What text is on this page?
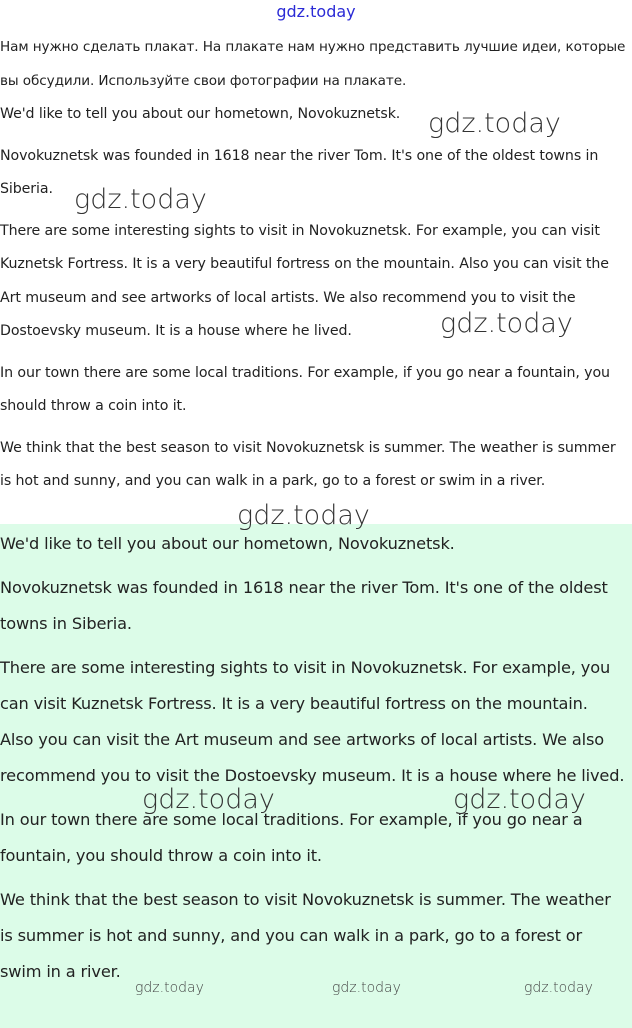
gdz.today

Нам нужно сделать плакат. На плакате нам нужно представить лучшие идеи, которые вы обсудили. Используйте свои фотографии на плакате.

We'd like to tell you about our hometown, Novokuznetsk.

Novokuznetsk was founded in 1618 near the river Tom. It's one of the oldest towns in Siberia.

There are some interesting sights to visit in Novokuznetsk. For example, you can visit Kuznetsk Fortress. It is a very beautiful fortress on the mountain. Also you can visit the Art museum and see artworks of local artists. We also recommend you to visit the Dostoevsky museum. It is a house where he lived.

In our town there are some local traditions. For example, if you go near a fountain, you should throw a coin into it.

We think that the best season to visit Novokuznetsk is summer. The weather is summer is hot and sunny, and you can walk in a park, go to a forest or swim in a river.

We'd like to tell you about our hometown, Novokuznetsk.

Novokuznetsk was founded in 1618 near the river Tom. It's one of the oldest towns in Siberia.

There are some interesting sights to visit in Novokuznetsk. For example, you can visit Kuznetsk Fortress. It is a very beautiful fortress on the mountain. Also you can visit the Art museum and see artworks of local artists. We also recommend you to visit the Dostoevsky museum. It is a house where he lived.

In our town there are some local traditions. For example, if you go near a fountain, you should throw a coin into it.

We think that the best season to visit Novokuznetsk is summer. The weather is summer is hot and sunny, and you can walk in a park, go to a forest or swim in a river.

gdz.today
gdz.today
gdz.today
gdz.today
gdz.today	gdz.today
gdz.today	gdz.today	gdz.today
